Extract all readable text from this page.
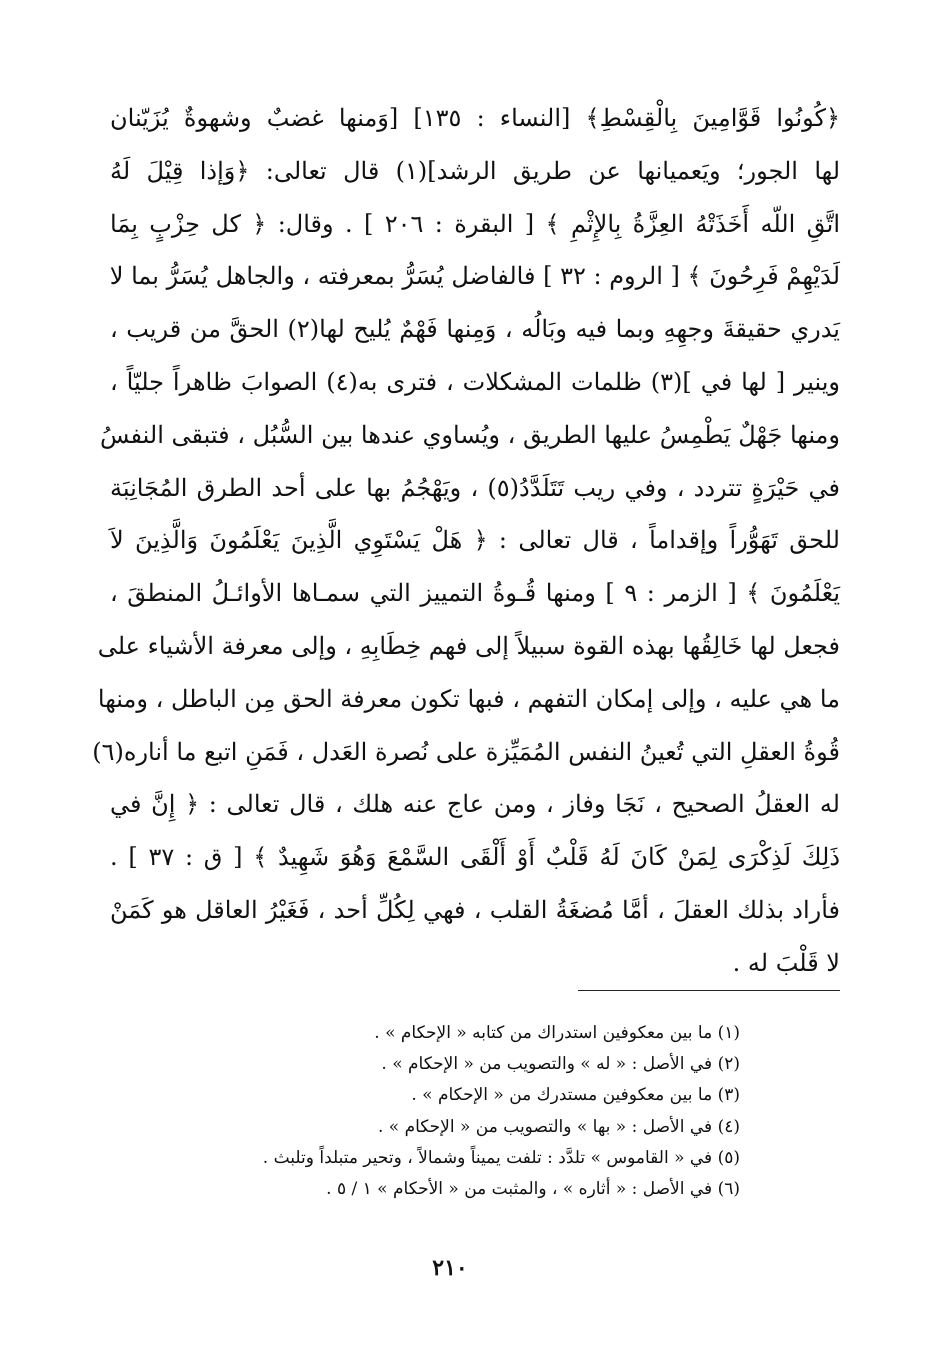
﴿كُونُوا قَوَّامِينَ بِالْقِسْطِ﴾ [النساء : ١٣٥] [وَمنها غضبٌ وشهوةٌ يُزَيّنان
لها الجور؛ ويَعميانها عن طريق الرشد](١) قال تعالى: ﴿وَإذا قِيْلَ لَهُ
اتَّقِ اللّه أَخَذَتْهُ العِزَّةُ بِالإِثْمِ ﴾ [ البقرة : ٢٠٦ ] . وقال: ﴿ كل حِزْبٍ بِمَا
لَدَيْهِمْ فَرِحُونَ ﴾ [ الروم : ٣٢ ] فالفاضل يُسَرُّ بمعرفته ، والجاهل يُسَرُّ بما لا
يَدري حقيقةَ وجهِهِ وبما فيه وبَالُه ، وَمِنها فَهْمٌ يُليح لها(٢) الحقَّ من قريب ،
وينير [ لها في ](٣) ظلمات المشكلات ، فترى به(٤) الصوابَ ظاهراً جليّاً ،
ومنها جَهْلٌ يَطْمِسُ عليها الطريق ، ويُساوي عندها بين السُّبُل ، فتبقى النفسُ
في حَيْرَةٍ تتردد ، وفي ريب تَتَلَدَّدُ(٥) ، ويَهْجُمُ بها على أحد الطرق المُجَانِبَة
للحق تَهَوُّراً وإقداماً ، قال تعالى : ﴿ هَلْ يَسْتَوِي الَّذِينَ يَعْلَمُونَ وَالَّذِينَ لاَ
يَعْلَمُونَ ﴾ [ الزمر : ٩ ] ومنها قُـوةُ التمييز التي سمـاها الأوائـلُ المنطقَ ،
فجعل لها خَالِقُها بهذه القوة سبيلاً إلى فهم خِطَابِهِ ، وإلى معرفة الأشياء على
ما هي عليه ، وإلى إمكان التفهم ، فبها تكون معرفة الحق مِن الباطل ، ومنها
قُوةُ العقلِ التي تُعينُ النفس المُمَيِّزة على نُصرة العَدل ، فَمَنِ اتبع ما أناره(٦)
له العقلُ الصحيح ، نَجَا وفاز ، ومن عاج عنه هلك ، قال تعالى : ﴿ إِنَّ في
ذَلِكَ لَذِكْرَى لِمَنْ كَانَ لَهُ قَلْبٌ أَوْ أَلْقَى السَّمْعَ وَهُوَ شَهِيدٌ ﴾ [ ق : ٣٧ ] .
فأراد بذلك العقلَ ، أمَّا مُضغَةُ القلب ، فهي لِكُلِّ أحد ، فَغَيْرُ العاقل هو كَمَنْ
لا قَلْبَ له .
(١) ما بين معكوفين استدراك من كتابه « الإحكام » .
(٢) في الأصل : « له » والتصويب من « الإحكام » .
(٣) ما بين معكوفين مستدرك من « الإحكام » .
(٤) في الأصل : « بها » والتصويب من « الإحكام » .
(٥) في « القاموس » تلدَّد : تلفت يميناً وشمالاً ، وتحير متبلداً وتلبث .
(٦) في الأصل : « أثاره » ، والمثبت من « الأحكام » ١ / ٥ .
٢١٠
